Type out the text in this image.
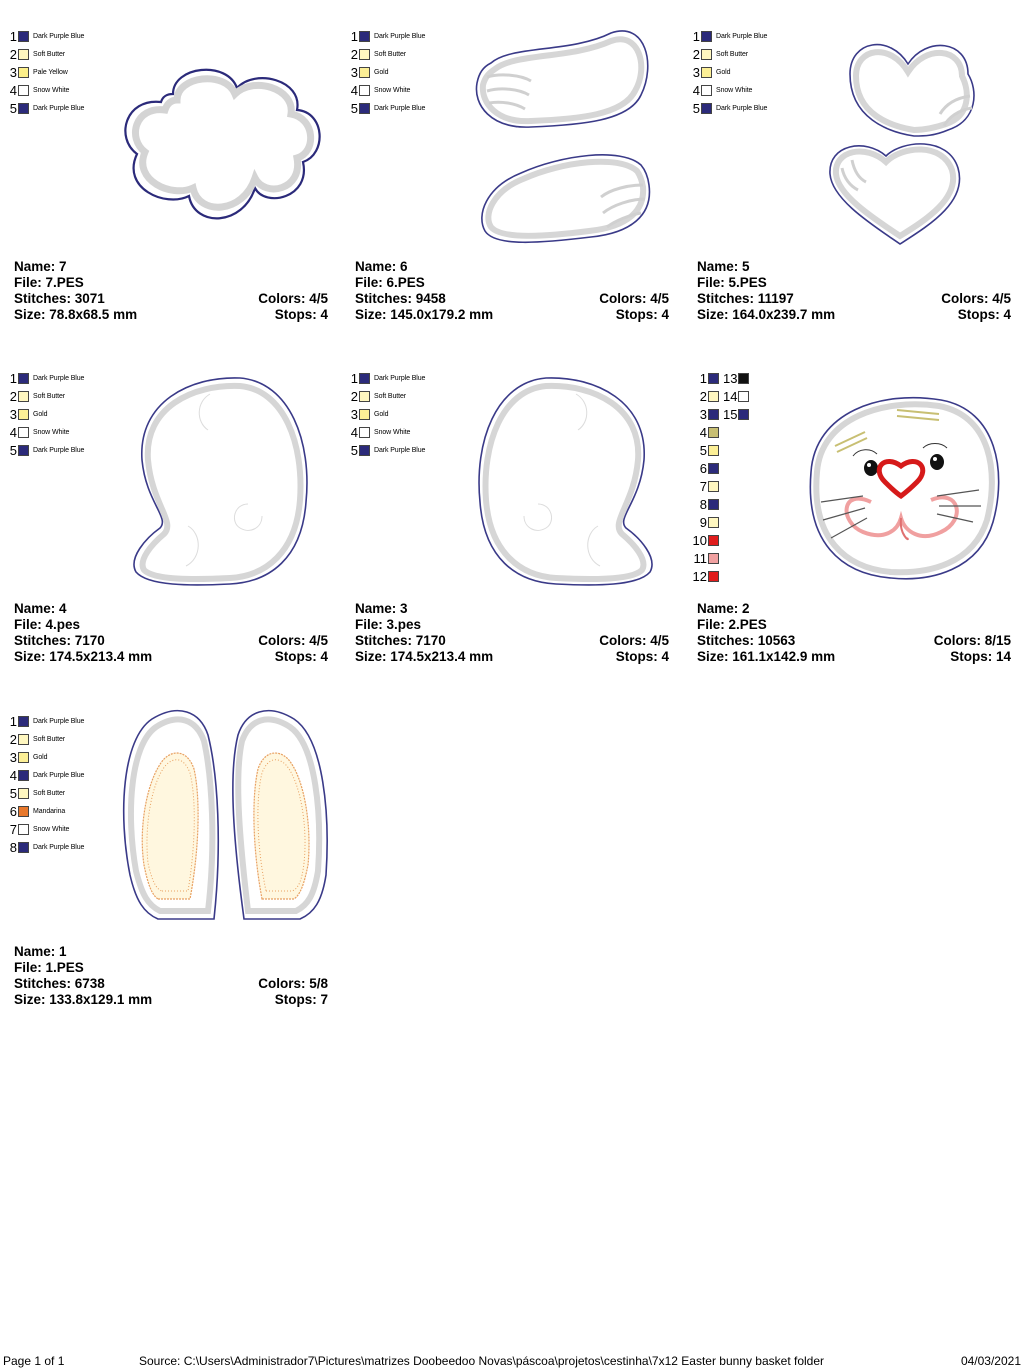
1 Dark Purple Blue
2 Soft Butter
3 Pale Yellow
4 Snow White
5 Dark Purple Blue
Name: 7
File: 7.PES
Stitches: 3071	Colors: 4/5
Size: 78.8x68.5 mm	Stops: 4
1 Dark Purple Blue
2 Soft Butter
3 Gold
4 Snow White
5 Dark Purple Blue
Name: 6
File: 6.PES
Stitches: 9458	Colors: 4/5
Size: 145.0x179.2 mm	Stops: 4
1 Dark Purple Blue
2 Soft Butter
3 Gold
4 Snow White
5 Dark Purple Blue
Name: 5
File: 5.PES
Stitches: 11197	Colors: 4/5
Size: 164.0x239.7 mm	Stops: 4
1 Dark Purple Blue
2 Soft Butter
3 Gold
4 Snow White
5 Dark Purple Blue
Name: 4
File: 4.pes
Stitches: 7170	Colors: 4/5
Size: 174.5x213.4 mm	Stops: 4
1 Dark Purple Blue
2 Soft Butter
3 Gold
4 Snow White
5 Dark Purple Blue
Name: 3
File: 3.pes
Stitches: 7170	Colors: 4/5
Size: 174.5x213.4 mm	Stops: 4
1 13
2 14
3 15
4
5
6
7
8
9
10
11
12
Name: 2
File: 2.PES
Stitches: 10563	Colors: 8/15
Size: 161.1x142.9 mm	Stops: 14
1 Dark Purple Blue
2 Soft Butter
3 Gold
4 Dark Purple Blue
5 Soft Butter
6 Mandarina
7 Snow White
8 Dark Purple Blue
Name: 1
File: 1.PES
Stitches: 6738	Colors: 5/8
Size: 133.8x129.1 mm	Stops: 7
Page 1 of 1	Source: C:\Users\Administrador7\Pictures\matrizes Doobeedoo Novas\páscoa\projetos\cestinha\7x12 Easter bunny basket folder	04/03/2021
